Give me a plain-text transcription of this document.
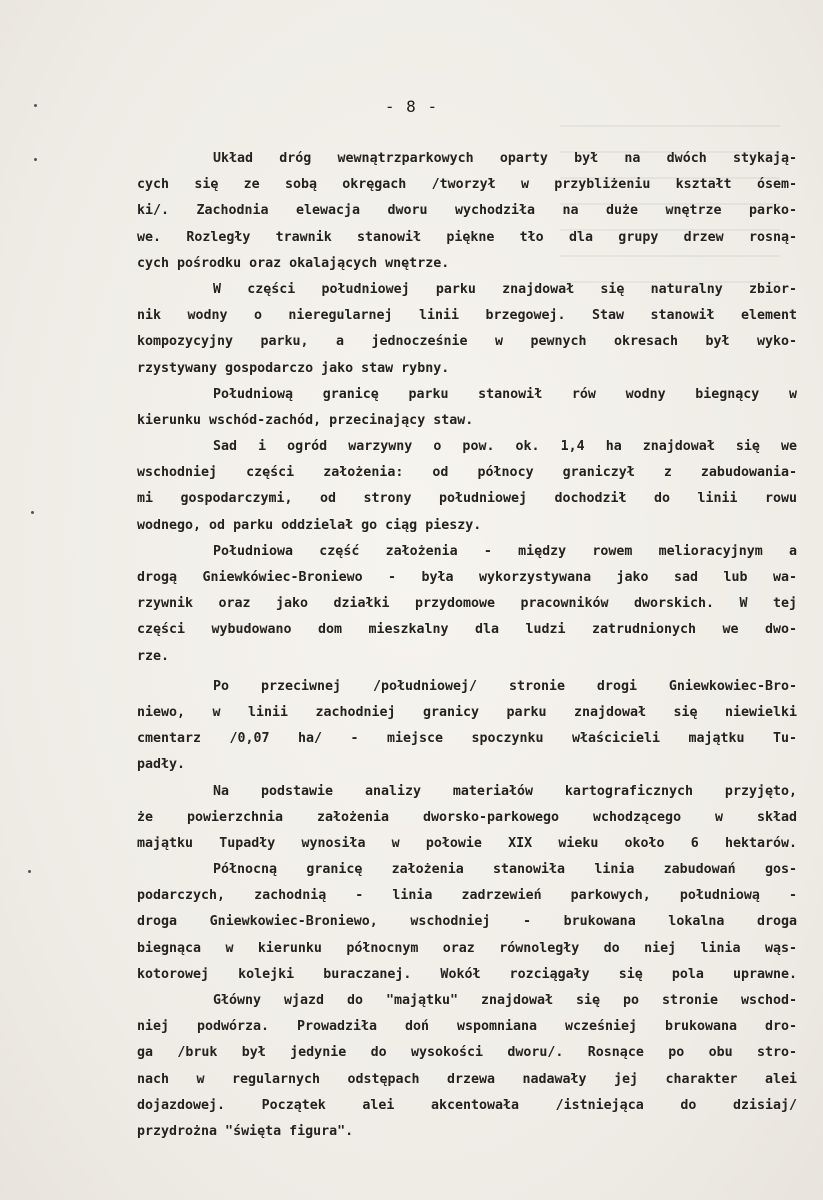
- 8 -
Układ dróg wewnątrzparkowych oparty był na dwóch stykają-
cych się ze sobą okręgach /tworzył w przybliżeniu kształt ósem-
ki/. Zachodnia elewacja dworu wychodziła na duże wnętrze parko-
we. Rozległy trawnik stanowił piękne tło dla grupy drzew rosną-
cych pośrodku oraz okalających wnętrze.
W części południowej parku znajdował się naturalny zbior-
nik wodny o nieregularnej linii brzegowej. Staw stanowił element
kompozycyjny parku, a jednocześnie w pewnych okresach był wyko-
rzystywany gospodarczo jako staw rybny.
Południową granicę parku stanowił rów wodny biegnący w
kierunku wschód-zachód, przecinający staw.
Sad i ogród warzywny o pow. ok. 1,4 ha znajdował się we
wschodniej części założenia: od północy graniczył z zabudowania-
mi gospodarczymi, od strony południowej dochodził do linii rowu
wodnego, od parku oddzielał go ciąg pieszy.
Południowa część założenia - między rowem melioracyjnym a
drogą Gniewkówiec-Broniewo - była wykorzystywana jako sad lub wa-
rzywnik oraz jako działki przydomowe pracowników dworskich. W tej
części wybudowano dom mieszkalny dla ludzi zatrudnionych we dwo-
rze.
Po przeciwnej /południowej/ stronie drogi Gniewkowiec-Bro-
niewo, w linii zachodniej granicy parku znajdował się niewielki
cmentarz /0,07 ha/ - miejsce spoczynku właścicieli majątku Tu-
padły.
Na podstawie analizy materiałów kartograficznych przyjęto,
że powierzchnia założenia dworsko-parkowego wchodzącego w skład
majątku Tupadły wynosiła w połowie XIX wieku około 6 hektarów.
Północną granicę założenia stanowiła linia zabudowań gos-
podarczych, zachodnią - linia zadrzewień parkowych, południową -
droga Gniewkowiec-Broniewo, wschodniej - brukowana lokalna droga
biegnąca w kierunku północnym oraz równoległy do niej linia wąs-
kotorowej kolejki buraczanej. Wokół rozciągały się pola uprawne.
Główny wjazd do "majątku" znajdował się po stronie wschod-
niej podwórza. Prowadziła doń wspomniana wcześniej brukowana dro-
ga /bruk był jedynie do wysokości dworu/. Rosnące po obu stro-
nach w regularnych odstępach drzewa nadawały jej charakter alei
dojazdowej. Początek alei akcentowała /istniejąca do dzisiaj/
przydrożna "święta figura".
